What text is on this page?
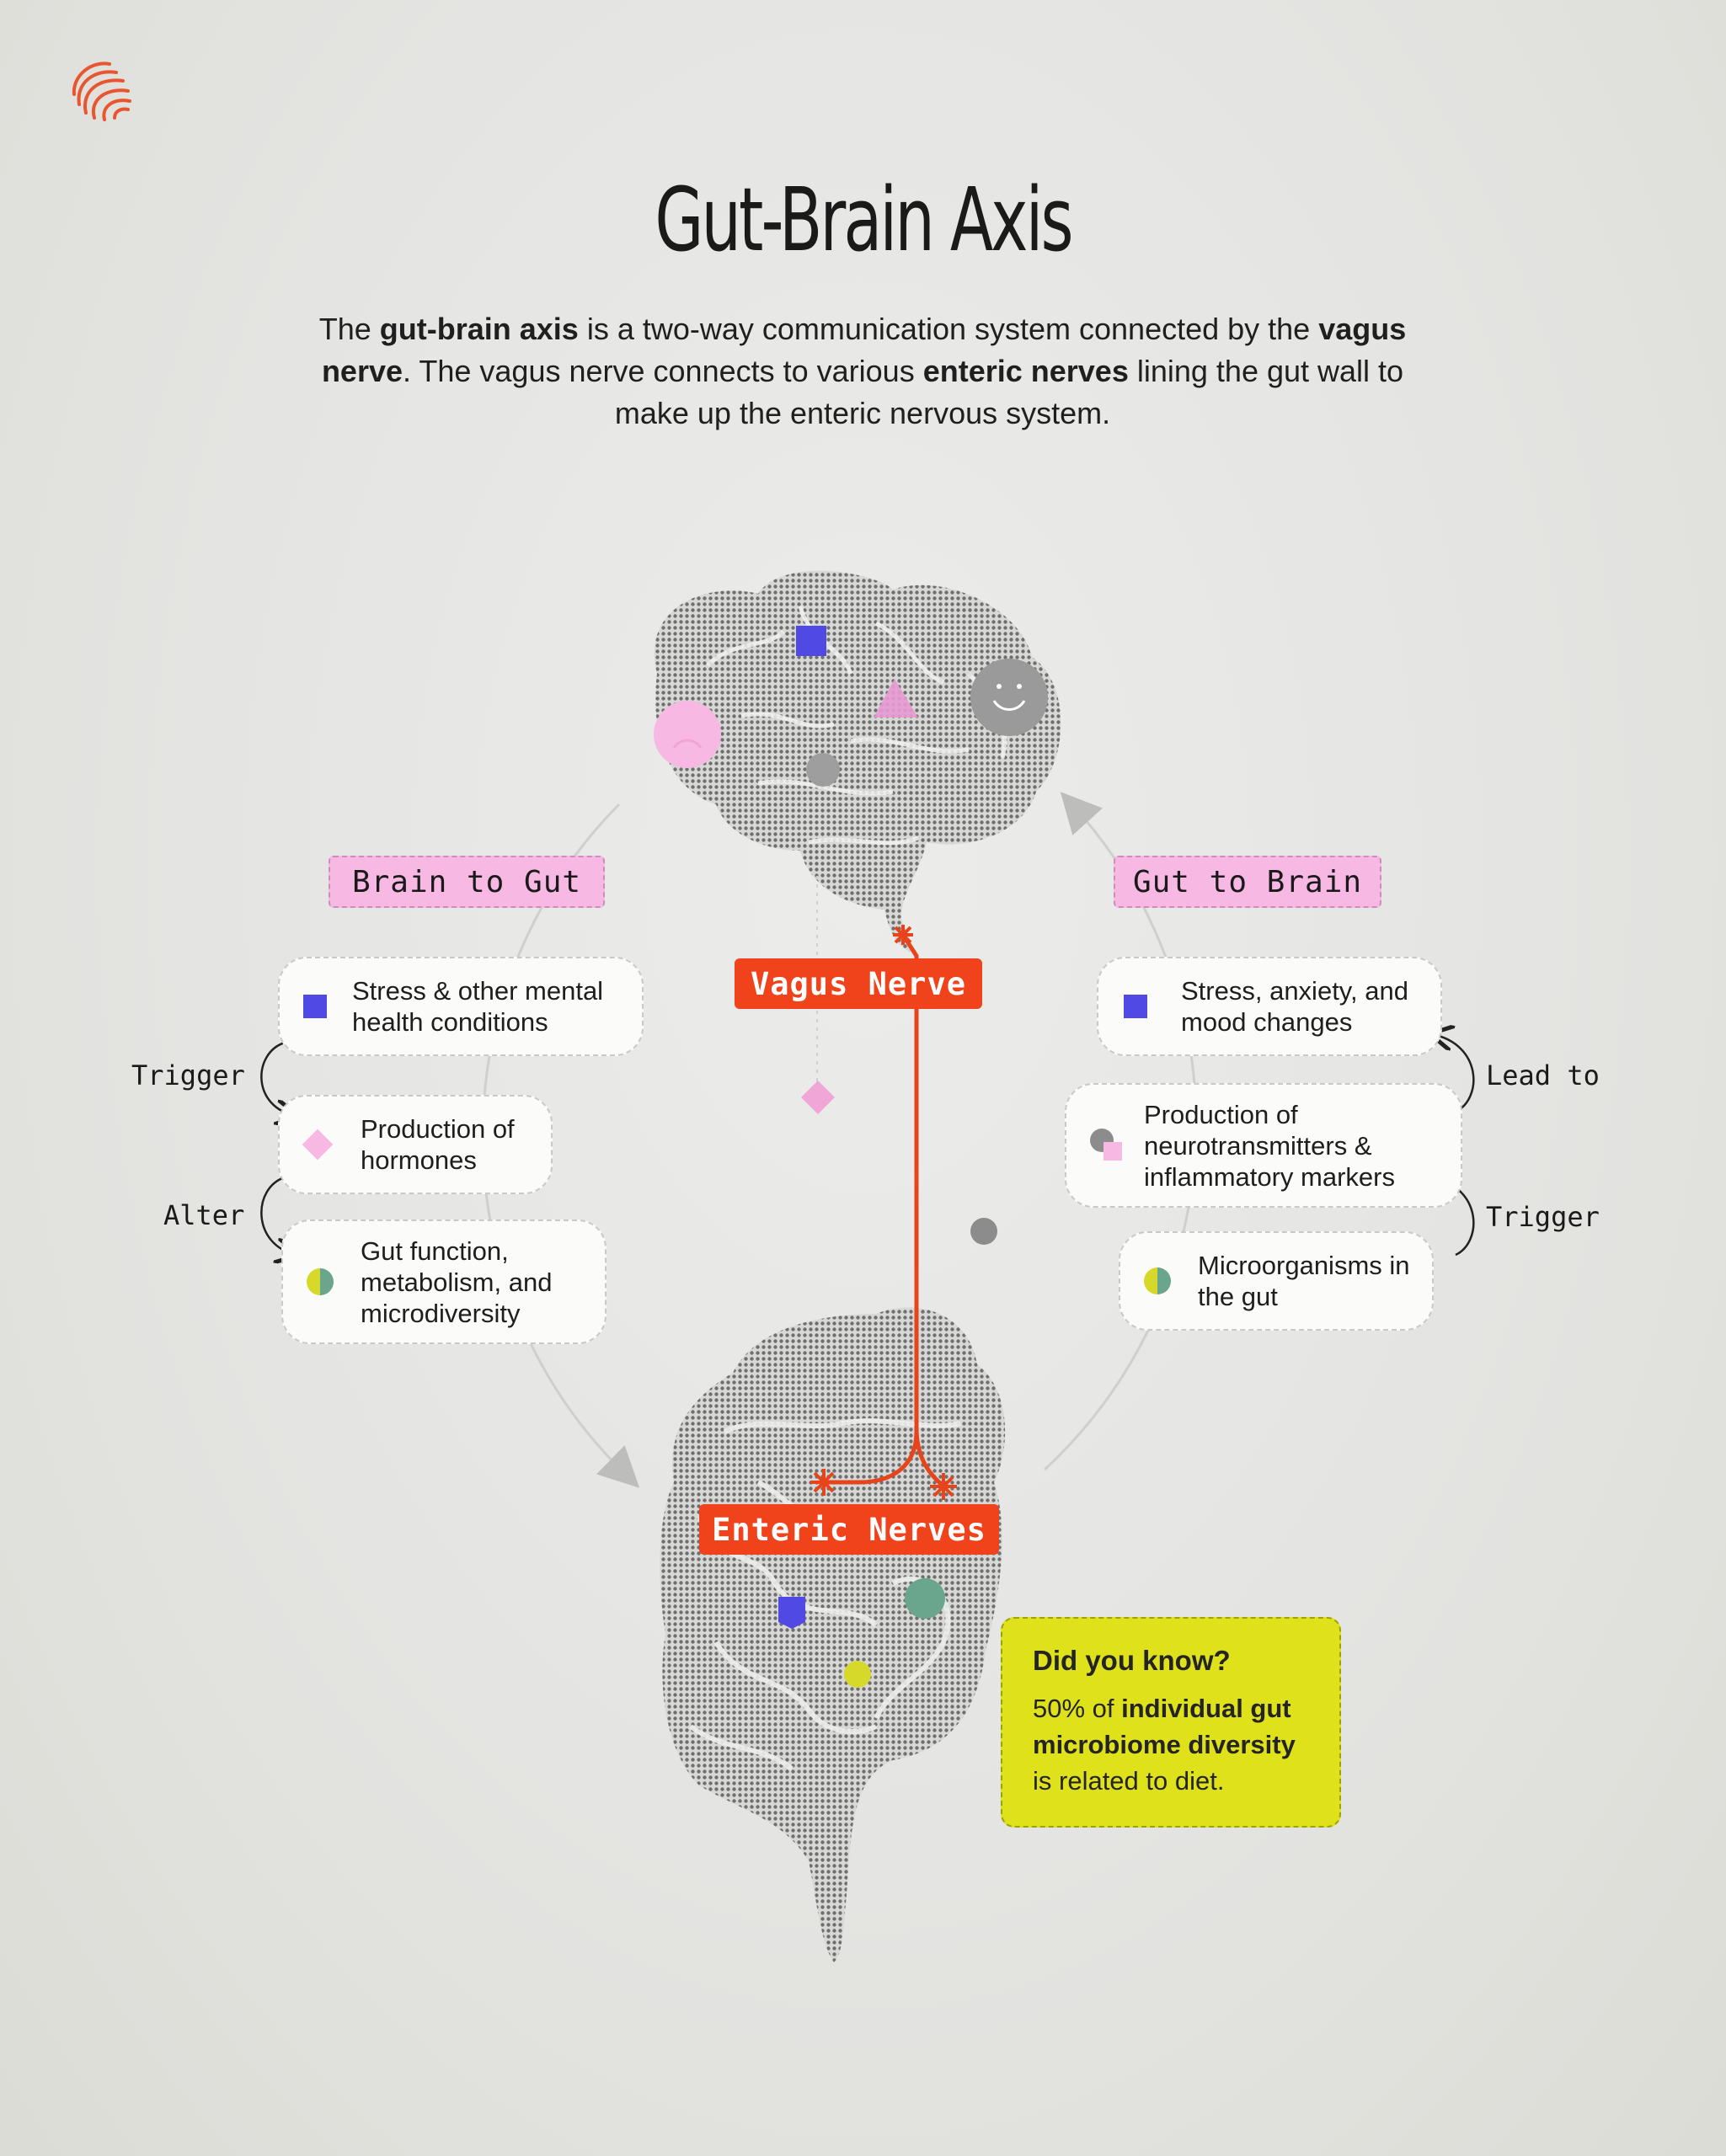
Gut-Brain Axis
The gut-brain axis is a two-way communication system connected by the vagus nerve. The vagus nerve connects to various enteric nerves lining the gut wall to make up the enteric nervous system.
Brain to Gut
Stress & other mental health conditions
Production of hormones
Gut function, metabolism, and microdiversity
Trigger
Alter
Gut to Brain
Stress, anxiety, and mood changes
Production of neurotransmitters & inflammatory markers
Microorganisms in the gut
Lead to
Trigger
Vagus Nerve
Enteric Nerves
Did you know?
50% of individual gut microbiome diversity is related to diet.
